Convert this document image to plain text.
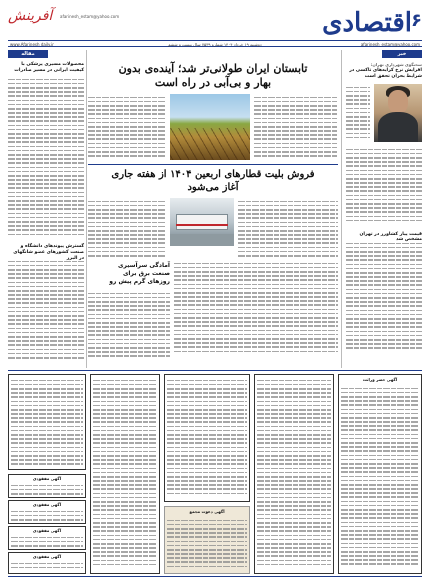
۶
اقتصادی
afarinesh_estam@yahoo.com
آفرینش
afarinesh_estam@yahoo.com
دوشنبه ۱۹ خرداد ۱۴۰۴ شماره ۷۵۳۹ سال بیست و ششم
www.Afarinesh daily.ir
خبر
مقاله
سخنگوی شهرداری تهران:
افزایش نرخ کرایه‌های تاکسی در شرایط بحران تحقق است
قیمت پیاز کشاورز در تهران مشخص شد
تابستان ایران طولانی‌تر شد؛ آینده‌ی بدون
بهار و بی‌آبی در راه است
فروش بلیت قطارهای اربعین ۱۴۰۴ از هفته جاری
آغاز می‌شود
آمادگی سرآسیری
صنعت برق برای
روزهای گرم پیش رو
محصولات مسیری پزشکی با کیفیت ایرانی در مسیر صادرات
گسترش پیوندهای دانشگاه و صنعت کشورهای عضو شانگهای در البرز
آگهی حصر وراثت
آگهی دعوت مجمع
آگهی مفقودی
آگهی مفقودی
آگهی مفقودی
آگهی مفقودی
